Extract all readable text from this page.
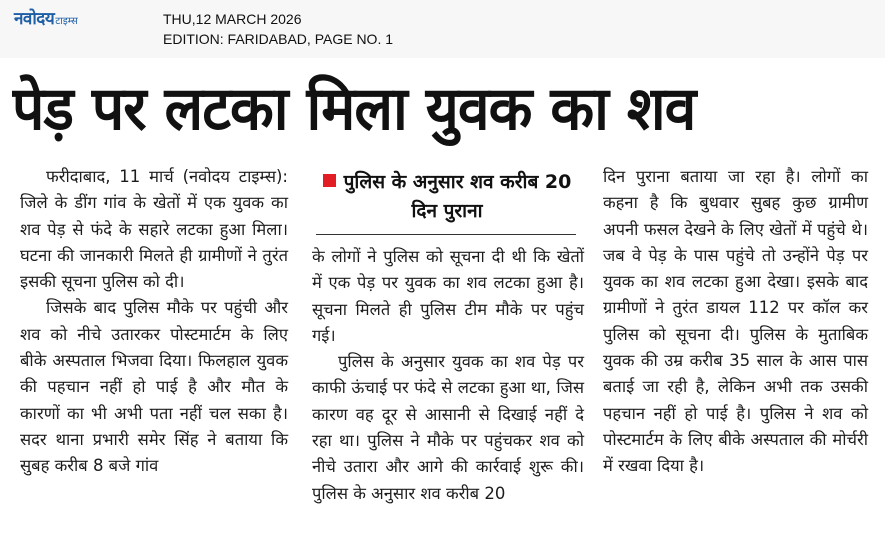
नवोदय टाइम्स	THU,12 MARCH 2026
EDITION: FARIDABAD, PAGE NO. 1
पेड़ पर लटका मिला युवक का शव

फरीदाबाद, 11 मार्च (नवोदय टाइम्स): जिले के डींग गांव के खेतों में एक युवक का शव पेड़ से फंदे के सहारे लटका हुआ मिला। घटना की जानकारी मिलते ही ग्रामीणों ने तुरंत इसकी सूचना पुलिस को दी।

जिसके बाद पुलिस मौके पर पहुंची और शव को नीचे उतारकर पोस्टमार्टम के लिए बीके अस्पताल भिजवा दिया। फिलहाल युवक की पहचान नहीं हो पाई है और मौत के कारणों का भी अभी पता नहीं चल सका है। सदर थाना प्रभारी समेर सिंह ने बताया कि सुबह करीब 8 बजे गांव

पुलिस के अनुसार शव करीब 20 दिन पुराना

के लोगों ने पुलिस को सूचना दी थी कि खेतों में एक पेड़ पर युवक का शव लटका हुआ है। सूचना मिलते ही पुलिस टीम मौके पर पहुंच गई।

पुलिस के अनुसार युवक का शव पेड़ पर काफी ऊंचाई पर फंदे से लटका हुआ था, जिस कारण वह दूर से आसानी से दिखाई नहीं दे रहा था। पुलिस ने मौके पर पहुंचकर शव को नीचे उतारा और आगे की कार्रवाई शुरू की। पुलिस के अनुसार शव करीब 20

दिन पुराना बताया जा रहा है। लोगों का कहना है कि बुधवार सुबह कुछ ग्रामीण अपनी फसल देखने के लिए खेतों में पहुंचे थे। जब वे पेड़ के पास पहुंचे तो उन्होंने पेड़ पर युवक का शव लटका हुआ देखा। इसके बाद ग्रामीणों ने तुरंत डायल 112 पर कॉल कर पुलिस को सूचना दी। पुलिस के मुताबिक युवक की उम्र करीब 35 साल के आस पास बताई जा रही है, लेकिन अभी तक उसकी पहचान नहीं हो पाई है। पुलिस ने शव को पोस्टमार्टम के लिए बीके अस्पताल की मोर्चरी में रखवा दिया है।
